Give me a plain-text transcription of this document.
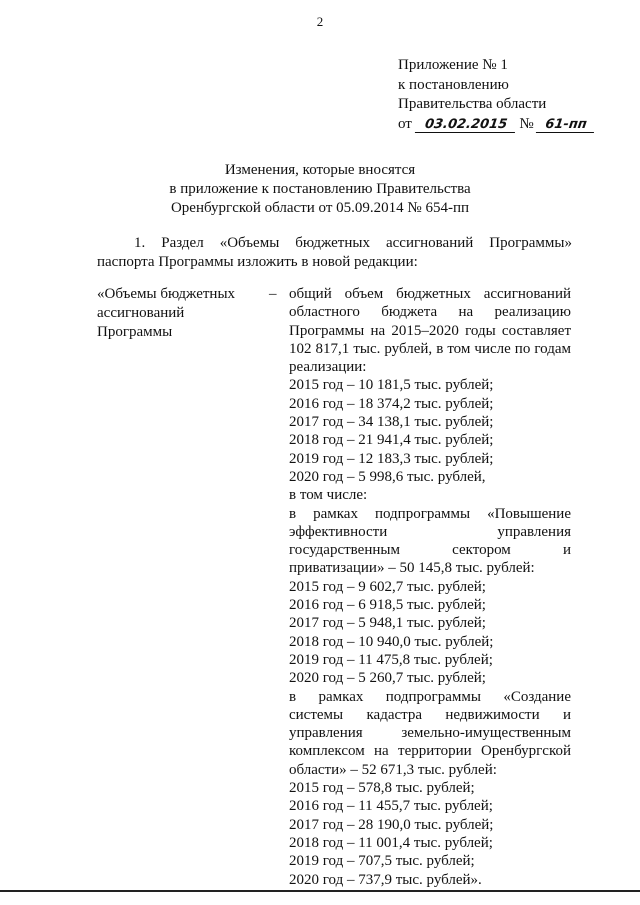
2
Приложение № 1
к постановлению
Правительства области
от 03.02.2015 № 61-пп
Изменения, которые вносятся
в приложение к постановлению Правительства
Оренбургской области от 05.09.2014 № 654-пп
1. Раздел «Объемы бюджетных ассигнований Программы» паспорта Программы изложить в новой редакции:
«Объемы бюджетных
ассигнований
Программы
– общий объем бюджетных ассигнований областного бюджета на реализацию Программы на 2015–2020 годы составляет 102 817,1 тыс. рублей, в том числе по годам реализации:
2015 год – 10 181,5 тыс. рублей;
2016 год – 18 374,2 тыс. рублей;
2017 год – 34 138,1 тыс. рублей;
2018 год – 21 941,4 тыс. рублей;
2019 год – 12 183,3 тыс. рублей;
2020 год – 5 998,6 тыс. рублей,
в том числе:
в рамках подпрограммы «Повышение эффективности управления государственным сектором и приватизации» – 50 145,8 тыс. рублей:
2015 год – 9 602,7 тыс. рублей;
2016 год – 6 918,5 тыс. рублей;
2017 год – 5 948,1 тыс. рублей;
2018 год – 10 940,0 тыс. рублей;
2019 год – 11 475,8 тыс. рублей;
2020 год – 5 260,7 тыс. рублей;
в рамках подпрограммы «Создание системы кадастра недвижимости и управления земельно-имущественным комплексом на территории Оренбургской области» – 52 671,3 тыс. рублей:
2015 год – 578,8 тыс. рублей;
2016 год – 11 455,7 тыс. рублей;
2017 год – 28 190,0 тыс. рублей;
2018 год – 11 001,4 тыс. рублей;
2019 год – 707,5 тыс. рублей;
2020 год – 737,9 тыс. рублей».
